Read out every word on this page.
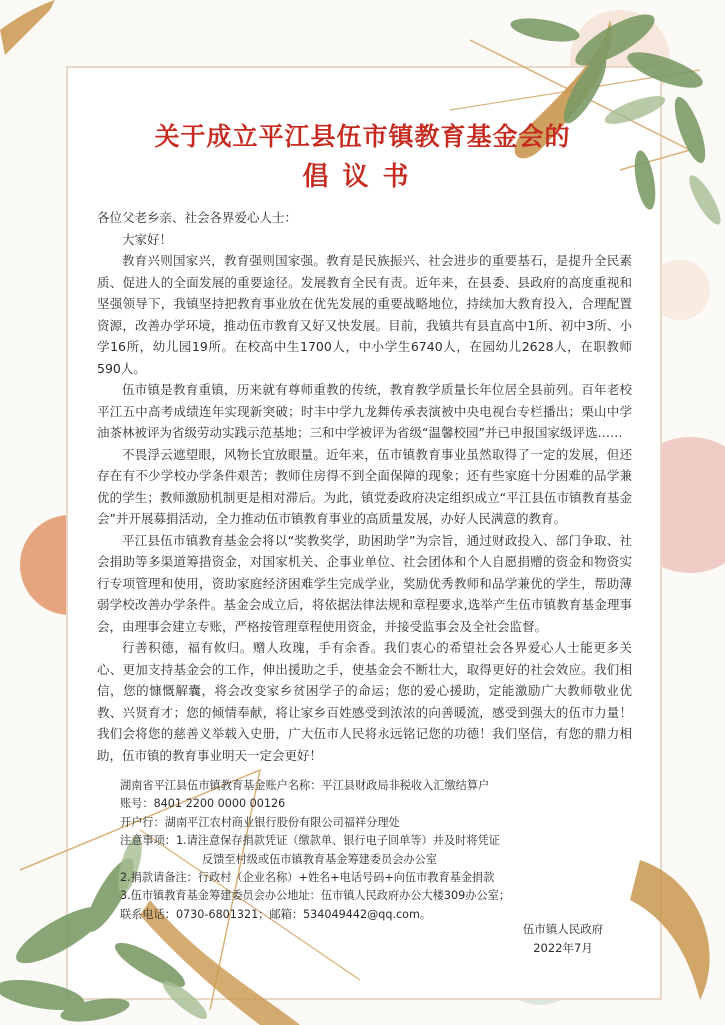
关于成立平江县伍市镇教育基金会的
倡议书

各位父老乡亲、社会各界爱心人士：

大家好！

教育兴则国家兴，教育强则国家强。教育是民族振兴、社会进步的重要基石，是提升全民素质、促进人的全面发展的重要途径。发展教育全民有责。近年来，在县委、县政府的高度重视和坚强领导下，我镇坚持把教育事业放在优先发展的重要战略地位，持续加大教育投入，合理配置资源，改善办学环境，推动伍市教育又好又快发展。目前，我镇共有县直高中1所、初中3所、小学16所，幼儿园19所。在校高中生1700人，中小学生6740人，在园幼儿2628人，在职教师590人。

伍市镇是教育重镇，历来就有尊师重教的传统，教育教学质量长年位居全县前列。百年老校平江五中高考成绩连年实现新突破；时丰中学九龙舞传承表演被中央电视台专栏播出；栗山中学油茶林被评为省级劳动实践示范基地；三和中学被评为省级“温馨校园”并已申报国家级评选……

不畏浮云遮望眼，风物长宜放眼量。近年来，伍市镇教育事业虽然取得了一定的发展，但还存在有不少学校办学条件艰苦；教师住房得不到全面保障的现象；还有些家庭十分困难的品学兼优的学生；教师激励机制更是相对滞后。为此，镇党委政府决定组织成立“平江县伍市镇教育基金会”并开展募捐活动，全力推动伍市镇教育事业的高质量发展，办好人民满意的教育。

平江县伍市镇教育基金会将以“奖教奖学，助困助学”为宗旨，通过财政投入、部门争取、社会捐助等多渠道筹措资金，对国家机关、企事业单位、社会团体和个人自愿捐赠的资金和物资实行专项管理和使用，资助家庭经济困难学生完成学业，奖励优秀教师和品学兼优的学生，帮助薄弱学校改善办学条件。基金会成立后，将依据法律法规和章程要求,选举产生伍市镇教育基金理事会，由理事会建立专账，严格按管理章程使用资金，并接受监事会及全社会监督。

行善积德，福有攸归。赠人玫瑰，手有余香。我们衷心的希望社会各界爱心人士能更多关心、更加支持基金会的工作，伸出援助之手，使基金会不断壮大，取得更好的社会效应。我们相信，您的慷慨解囊，将会改变家乡贫困学子的命运；您的爱心援助，定能激励广大教师敬业优教、兴贤育才；您的倾情奉献，将让家乡百姓感受到浓浓的向善暖流，感受到强大的伍市力量！我们会将您的慈善义举载入史册，广大伍市人民将永远铭记您的功德！我们坚信，有您的鼎力相助，伍市镇的教育事业明天一定会更好！

湖南省平江县伍市镇教育基金账户名称：平江县财政局非税收入汇缴结算户
账号：8401 2200 0000 00126
开户行：湖南平江农村商业银行股份有限公司福祥分理处
注意事项：1.请注意保存捐款凭证（缴款单、银行电子回单等）并及时将凭证
反馈至村级或伍市镇教育基金筹建委员会办公室
2.捐款请备注：行政村（企业名称）+姓名+电话号码+向伍市教育基金捐款
3.伍市镇教育基金筹建委员会办公地址：伍市镇人民政府办公大楼309办公室；
联系电话：0730-6801321；邮箱：534049442@qq.com。
伍市镇人民政府
2022年7月
